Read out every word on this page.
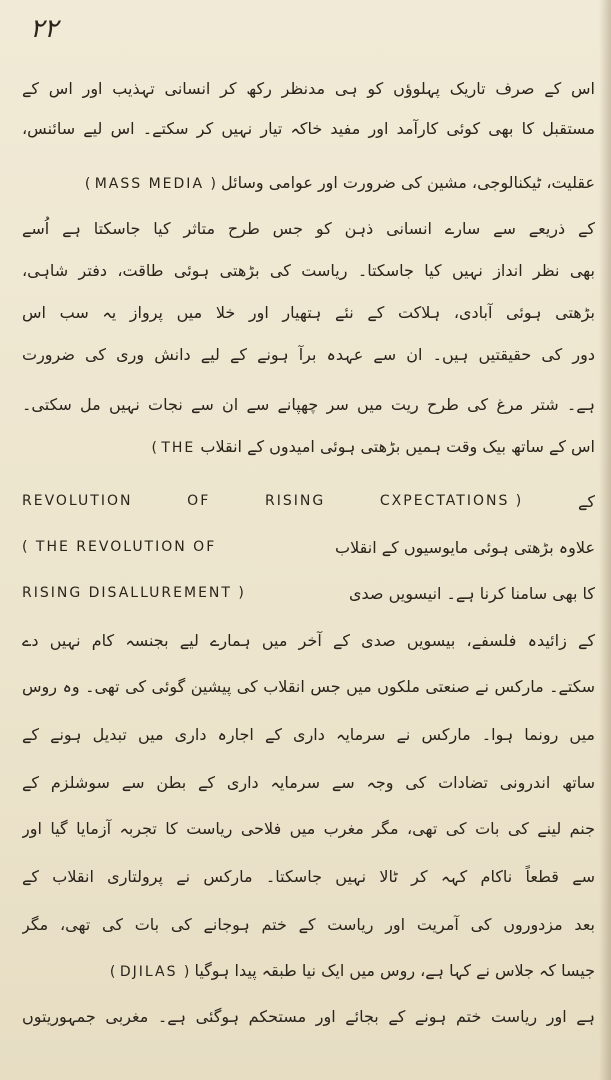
۲۲
اس کے صرف تاریک پہلوؤں کو ہی مدنظر رکھ کر انسانی تہذیب اور اس کے
مستقبل کا بھی کوئی کارآمد اور مفید خاکہ تیار نہیں کر سکتے۔ اس لیے سائنس،
عقلیت، ٹیکنالوجی، مشین کی ضرورت اور عوامی وسائل ( MASS MEDIA )
کے ذریعے سے سارے انسانی ذہن کو جس طرح متاثر کیا جاسکتا ہے اُسے
بھی نظر انداز نہیں کیا جاسکتا۔ ریاست کی بڑھتی ہوئی طاقت، دفتر شاہی،
بڑھتی ہوئی آبادی، ہلاکت کے نئے ہتھیار اور خلا میں پرواز یہ سب اس
دور کی حقیقتیں ہیں۔ ان سے عہدہ برآ ہونے کے لیے دانش وری کی ضرورت
ہے۔ شتر مرغ کی طرح ریت میں سر چھپانے سے ان سے نجات نہیں مل سکتی۔
اس کے ساتھ بیک وقت ہمیں بڑھتی ہوئی امیدوں کے انقلاب ( THE
REVOLUTION	OF	RISING	CXPECTATIONS )	کے
( THE REVOLUTION OF	علاوہ بڑھتی ہوئی مایوسیوں کے انقلاب
RISING DISALLUREMENT )	کا بھی سامنا کرنا ہے۔ انیسویں صدی
کے زائیدہ فلسفے، بیسویں صدی کے آخر میں ہمارے لیے بجنسہ کام نہیں دے
سکتے۔ مارکس نے صنعتی ملکوں میں جس انقلاب کی پیشین گوئی کی تھی۔ وہ روس
میں رونما ہوا۔ مارکس نے سرمایہ داری کے اجارہ داری میں تبدیل ہونے کے
ساتھ اندرونی تضادات کی وجہ سے سرمایہ داری کے بطن سے سوشلزم کے
جنم لینے کی بات کی تھی، مگر مغرب میں فلاحی ریاست کا تجربہ آزمایا گیا اور
سے قطعاً ناکام کہہ کر ٹالا نہیں جاسکتا۔ مارکس نے پرولتاری انقلاب کے
بعد مزدوروں کی آمریت اور ریاست کے ختم ہوجانے کی بات کی تھی، مگر
جیسا کہ جلاس نے کہا ہے، روس میں ایک نیا طبقہ پیدا ہوگیا ( DJILAS )
ہے اور ریاست ختم ہونے کے بجائے اور مستحکم ہوگئی ہے۔ مغربی جمہوریتوں
